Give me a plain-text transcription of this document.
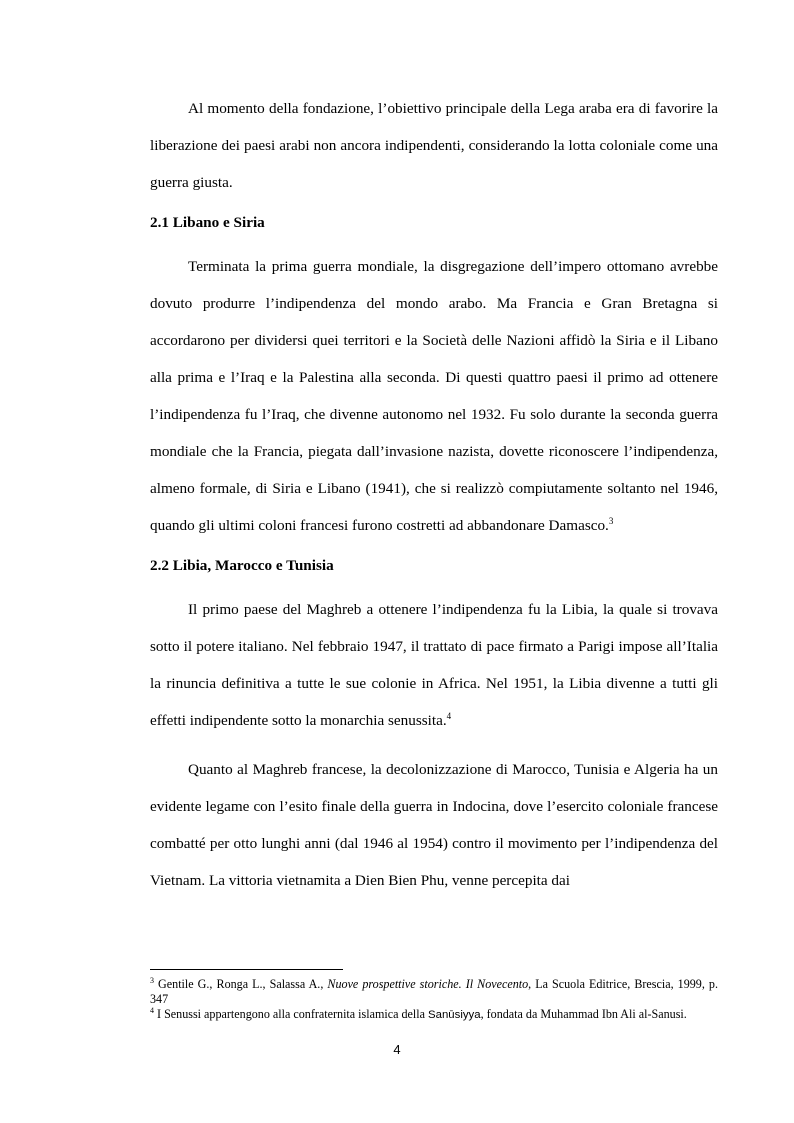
Al momento della fondazione, l’obiettivo principale della Lega araba era di favorire la liberazione dei paesi arabi non ancora indipendenti, considerando la lotta coloniale come una guerra giusta.

2.1 Libano e Siria

Terminata la prima guerra mondiale, la disgregazione dell’impero ottomano avrebbe dovuto produrre l’indipendenza del mondo arabo. Ma Francia e Gran Bretagna si accordarono per dividersi quei territori e la Società delle Nazioni affidò la Siria e il Libano alla prima e l’Iraq e la Palestina alla seconda. Di questi quattro paesi il primo ad ottenere l’indipendenza fu l’Iraq, che divenne autonomo nel 1932. Fu solo durante la seconda guerra mondiale che la Francia, piegata dall’invasione nazista, dovette riconoscere l’indipendenza, almeno formale, di Siria e Libano (1941), che si realizzò compiutamente soltanto nel 1946, quando gli ultimi coloni francesi furono costretti ad abbandonare Damasco.$^3$

2.2 Libia, Marocco e Tunisia

Il primo paese del Maghreb a ottenere l’indipendenza fu la Libia, la quale si trovava sotto il potere italiano. Nel febbraio 1947, il trattato di pace firmato a Parigi impose all’Italia la rinuncia definitiva a tutte le sue colonie in Africa. Nel 1951, la Libia divenne a tutti gli effetti indipendente sotto la monarchia senussita.$^4$

Quanto al Maghreb francese, la decolonizzazione di Marocco, Tunisia e Algeria ha un evidente legame con l’esito finale della guerra in Indocina, dove l’esercito coloniale francese combatté per otto lunghi anni (dal 1946 al 1954) contro il movimento per l’indipendenza del Vietnam. La vittoria vietnamita a Dien Bien Phu, venne percepita dai

$^3$ Gentile G., Ronga L., Salassa A., Nuove prospettive storiche. Il Novecento, La Scuola Editrice, Brescia, 1999, p. 347

$^4$ I Senussi appartengono alla confraternita islamica della Sanūsiyya, fondata da Muhammad Ibn Ali al-Sanusi.

4
